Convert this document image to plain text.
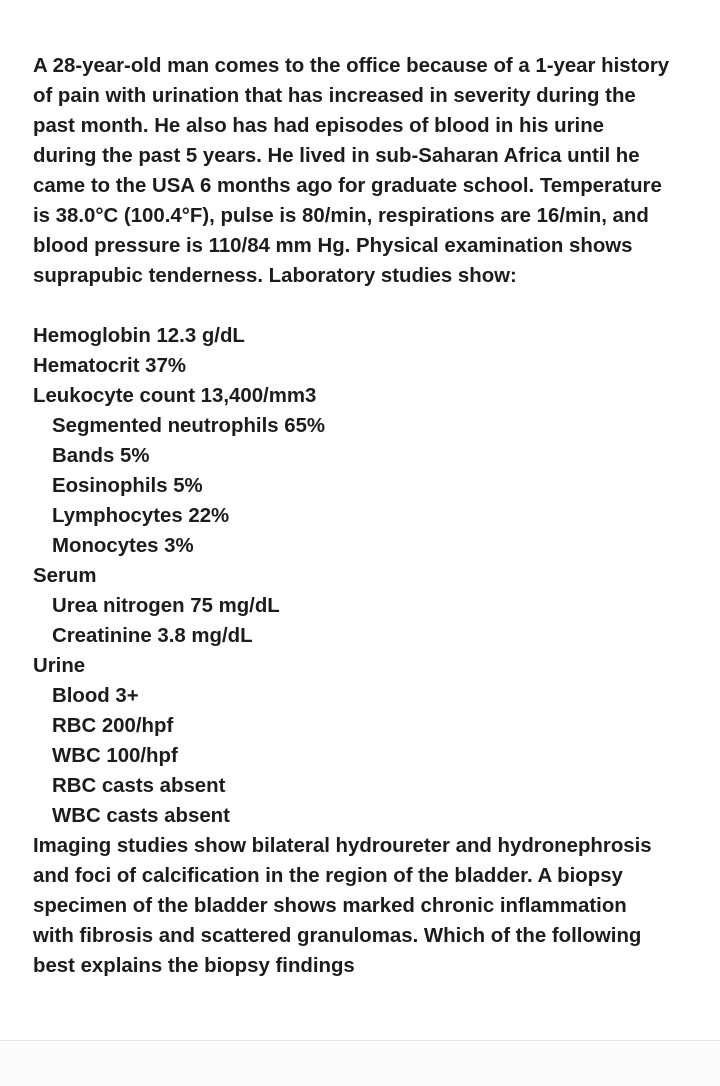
A 28-year-old man comes to the office because of a 1-year history of pain with urination that has increased in severity during the past month. He also has had episodes of blood in his urine during the past 5 years. He lived in sub-Saharan Africa until he came to the USA 6 months ago for graduate school. Temperature is 38.0°C (100.4°F), pulse is 80/min, respirations are 16/min, and blood pressure is 110/84 mm Hg. Physical examination shows suprapubic tenderness. Laboratory studies show:

Hemoglobin 12.3 g/dL

Hematocrit 37%

Leukocyte count 13,400/mm3

Segmented neutrophils 65%

Bands 5%

Eosinophils 5%

Lymphocytes 22%

Monocytes 3%

Serum

Urea nitrogen 75 mg/dL

Creatinine 3.8 mg/dL

Urine

Blood 3+

RBC 200/hpf

WBC 100/hpf

RBC casts absent

WBC casts absent

Imaging studies show bilateral hydroureter and hydronephrosis and foci of calcification in the region of the bladder. A biopsy specimen of the bladder shows marked chronic inflammation with fibrosis and scattered granulomas. Which of the following best explains the biopsy findings
